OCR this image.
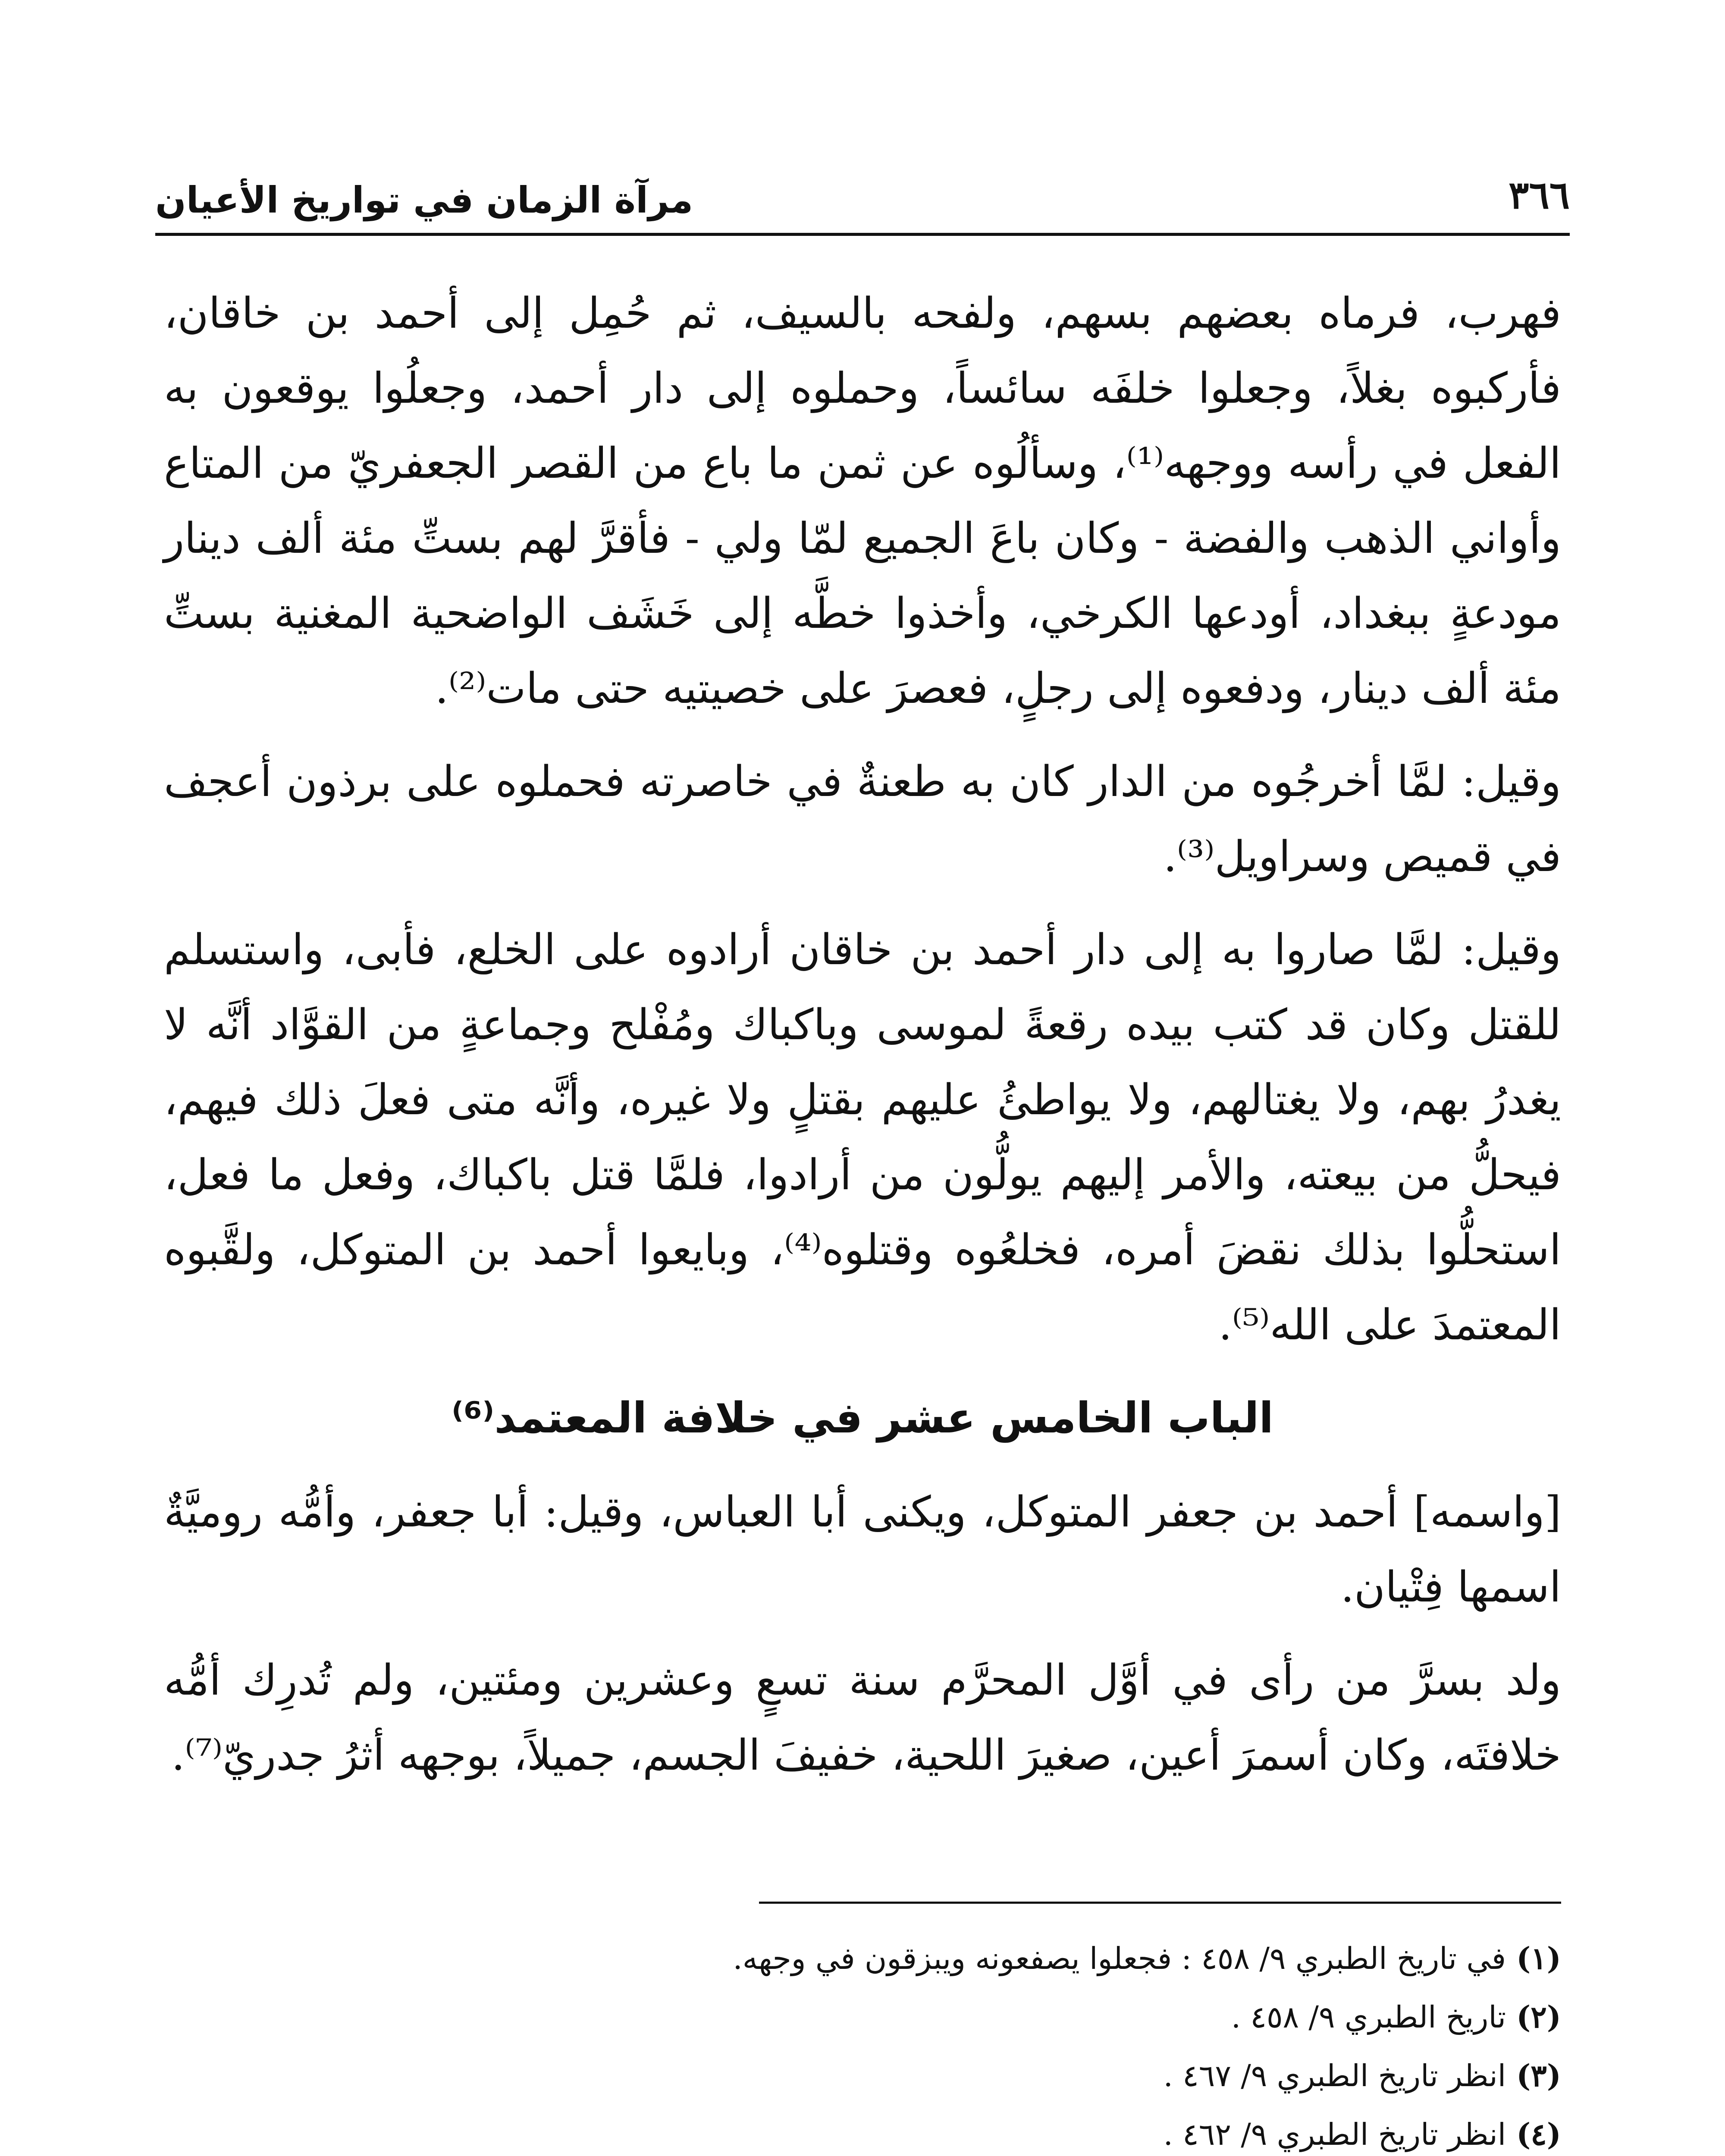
٣٦٦
مرآة الزمان في تواريخ الأعيان

فهرب، فرماه بعضهم بسهم، ولفحه بالسيف، ثم حُمِل إلى أحمد بن خاقان، فأركبوه بغلاً، وجعلوا خلفَه سائساً، وحملوه إلى دار أحمد، وجعلُوا يوقعون به الفعل في رأسه ووجهه⁽¹⁾، وسألُوه عن ثمن ما باع من القصر الجعفريّ من المتاع وأواني الذهب والفضة - وكان باعَ الجميع لمّا ولي - فأقرَّ لهم بستِّ مئة ألف دينار مودعةٍ ببغداد، أودعها الكرخي، وأخذوا خطَّه إلى خَشَف الواضحية المغنية بستِّ مئة ألف دينار، ودفعوه إلى رجلٍ، فعصرَ على خصيتيه حتى مات⁽²⁾.

وقيل: لمَّا أخرجُوه من الدار كان به طعنةٌ في خاصرته فحملوه على برذون أعجف في قميص وسراويل⁽³⁾.

وقيل: لمَّا صاروا به إلى دار أحمد بن خاقان أرادوه على الخلع، فأبى، واستسلم للقتل وكان قد كتب بيده رقعةً لموسى وباكباك ومُفْلح وجماعةٍ من القوَّاد أنَّه لا يغدرُ بهم، ولا يغتالهم، ولا يواطئُ عليهم بقتلٍ ولا غيره، وأنَّه متى فعلَ ذلك فيهم، فيحلُّ من بيعته، والأمر إليهم يولُّون من أرادوا، فلمَّا قتل باكباك، وفعل ما فعل، استحلُّوا بذلك نقضَ أمره، فخلعُوه وقتلوه⁽⁴⁾، وبايعوا أحمد بن المتوكل، ولقَّبوه المعتمدَ على الله⁽⁵⁾.

الباب الخامس عشر في خلافة المعتمد⁽⁶⁾

[واسمه] أحمد بن جعفر المتوكل، ويكنى أبا العباس، وقيل: أبا جعفر، وأمُّه روميَّةٌ اسمها فِتْيان.

ولد بسرَّ من رأى في أوَّل المحرَّم سنة تسعٍ وعشرين ومئتين، ولم تُدرِك أمُّه خلافتَه، وكان أسمرَ أعين، صغيرَ اللحية، خفيفَ الجسم، جميلاً، بوجهه أثرُ جدريّ⁽⁷⁾.

(١)في تاريخ الطبري ٩/ ٤٥٨ : فجعلوا يصفعونه ويبزقون في وجهه.
(٢)تاريخ الطبري ٩/ ٤٥٨ .
(٣)انظر تاريخ الطبري ٩/ ٤٦٧ .
(٤)انظر تاريخ الطبري ٩/ ٤٦٢ .
